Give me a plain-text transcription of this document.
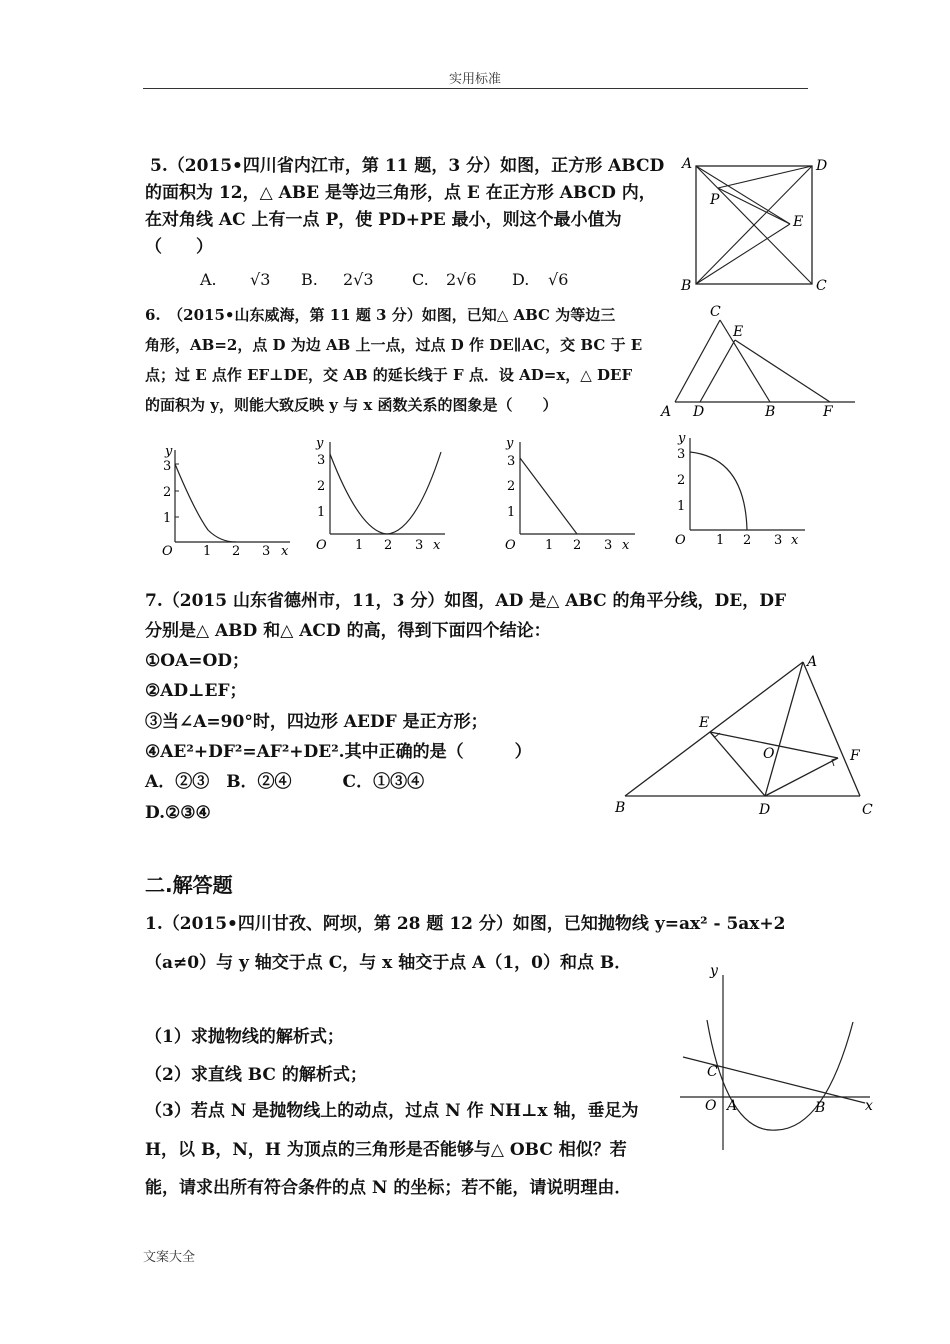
实用标准
5.（2015•四川省内江市，第 11 题，3 分）如图，正方形 ABCD
的面积为 12，△ ABE 是等边三角形，点 E 在正方形 ABCD 内，
在对角线 AC 上有一点 P，使 PD+PE 最小，则这个最小值为
（　　）
A. √3 B. 2√3 C. 2√6 D. √6
A	D
P
E
B	C
6.　（2015•山东威海，第 11 题 3 分）如图，已知△ ABC 为等边三
角形，AB=2，点 D 为边 AB 上一点，过点 D 作 DE∥AC，交 BC 于 E
点；过 E 点作 EF⊥DE，交 AB 的延长线于 F 点．设 AD=x，△ DEF
的面积为 y，则能大致反映 y 与 x 函数关系的图象是（　　）
C
E
A D	B	F
y
3
2
1
O 1 2 3 x
y
3
2
1
O 1 2 3 x
y
3
2
1
O 1 2 3 x
y
3
2
1
O 1 2 3 x
7.（2015 山东省德州市，11，3 分）如图，AD 是△ ABC 的角平分线，DE，DF
分别是△ ABD 和△ ACD 的高，得到下面四个结论：
①OA=OD；
②AD⊥EF；
③当∠A=90°时，四边形 AEDF 是正方形；
④AE²+DF²=AF²+DE².其中正确的是（　　　）
A．②③　B．②④　　　C．①③④
D.②③④
A
E
O	F
B	D	C
二.解答题
1.（2015•四川甘孜、阿坝，第 28 题 12 分）如图，已知抛物线 y=ax² - 5ax+2
（a≠0）与 y 轴交于点 C，与 x 轴交于点 A（1，0）和点 B．
（1）求抛物线的解析式；
（2）求直线 BC 的解析式；
（3）若点 N 是抛物线上的动点，过点 N 作 NH⊥x 轴，垂足为
H，以 B，N，H 为顶点的三角形是否能够与△ OBC 相似？若
能，请求出所有符合条件的点 N 的坐标；若不能，请说明理由．
y
C
O A	B	x
文案大全
